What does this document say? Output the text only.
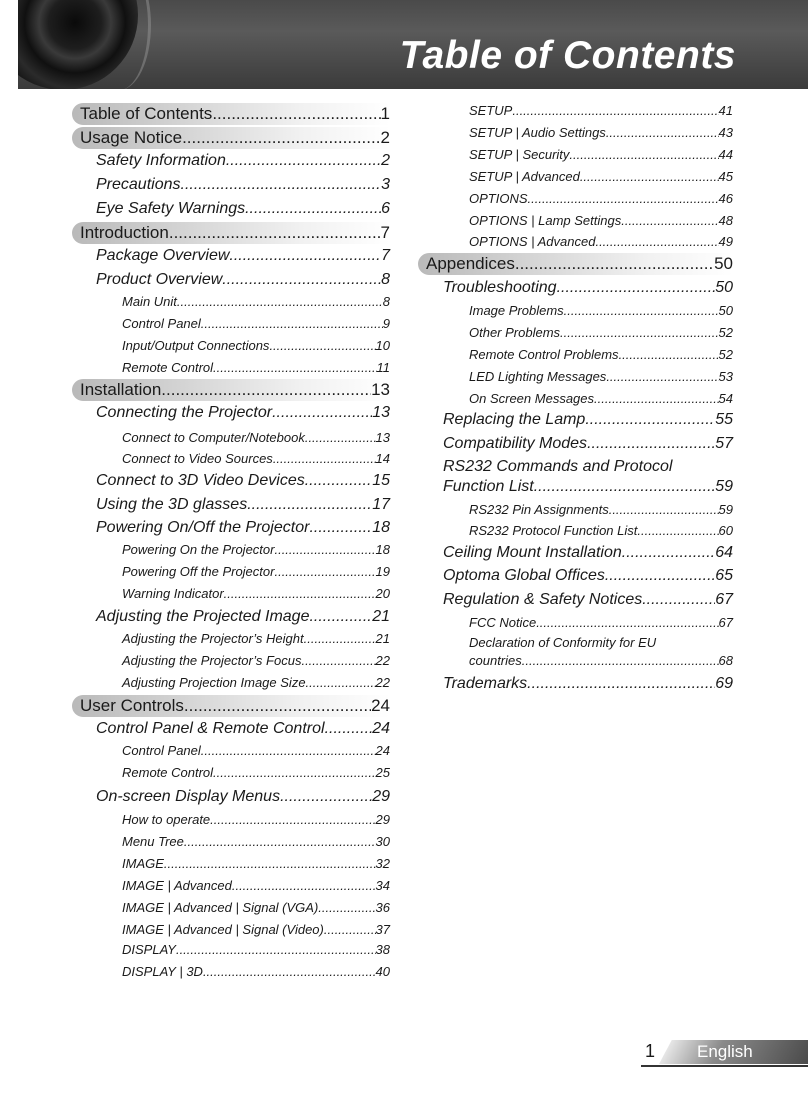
Table of Contents
Table of Contents .....	1
Usage Notice .....	2
Safety Information .....	2
Precautions .....	3
Eye Safety Warnings .....	6
Introduction .....	7
Package Overview .....	7
Product Overview .....	8
Main Unit .....	8
Control Panel .....	9
Input/Output Connections .....	10
Remote Control .....	11
Installation .....	13
Connecting the Projector .....	13
Connect to Computer/Notebook .....	13
Connect to Video Sources .....	14
Connect to 3D Video Devices .....	15
Using the 3D glasses .....	17
Powering On/Off the Projector .....	18
Powering On the Projector .....	18
Powering Off the Projector .....	19
Warning Indicator .....	20
Adjusting the Projected Image .....	21
Adjusting the Projector’s Height .....	21
Adjusting the Projector’s Focus .....	22
Adjusting Projection Image Size .....	22
User Controls .....	24
Control Panel & Remote Control .....	24
Control Panel .....	24
Remote Control .....	25
On-screen Display Menus .....	29
How to operate .....	29
Menu Tree .....	30
IMAGE .....	32
IMAGE | Advanced .....	34
IMAGE | Advanced | Signal (VGA) .....	36
IMAGE | Advanced | Signal (Video) .....	37
DISPLAY .....	38
DISPLAY | 3D .....	40
SETUP .....	41
SETUP | Audio Settings .....	43
SETUP | Security .....	44
SETUP | Advanced .....	45
OPTIONS .....	46
OPTIONS | Lamp Settings .....	48
OPTIONS | Advanced .....	49
Appendices .....	50
Troubleshooting .....	50
Image Problems .....	50
Other Problems .....	52
Remote Control Problems .....	52
LED Lighting Messages .....	53
On Screen Messages .....	54
Replacing the Lamp .....	55
Compatibility Modes .....	57
RS232 Commands and Protocol
Function List .....	59
RS232 Pin Assignments .....	59
RS232 Protocol Function List .....	60
Ceiling Mount Installation .....	64
Optoma Global Offices .....	65
Regulation & Safety Notices .....	67
FCC Notice .....	67
Declaration of Conformity for EU
countries .....	68
Trademarks .....	69
1 English
